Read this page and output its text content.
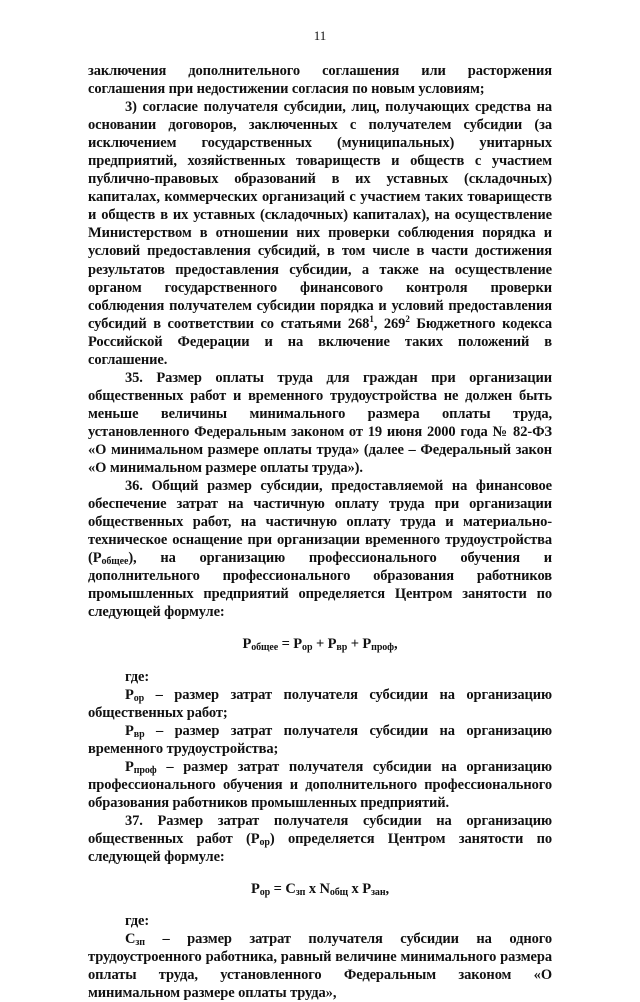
11

заключения дополнительного соглашения или расторжения соглашения при недостижении согласия по новым условиям;

3) согласие получателя субсидии, лиц, получающих средства на основании договоров, заключенных с получателем субсидии (за исключением государственных (муниципальных) унитарных предприятий, хозяйственных товариществ и обществ с участием публично-правовых образований в их уставных (складочных) капиталах, коммерческих организаций с участием таких товариществ и обществ в их уставных (складочных) капиталах), на осуществление Министерством в отношении них проверки соблюдения порядка и условий предоставления субсидий, в том числе в части достижения результатов предоставления субсидии, а также на осуществление органом государственного финансового контроля проверки соблюдения получателем субсидии порядка и условий предоставления субсидий в соответствии со статьями $268^1$, $269^2$ Бюджетного кодекса Российской Федерации и на включение таких положений в соглашение.

35. Размер оплаты труда для граждан при организации общественных работ и временного трудоустройства не должен быть меньше величины минимального размера оплаты труда, установленного Федеральным законом от 19 июня 2000 года № 82-ФЗ «О минимальном размере оплаты труда» (далее – Федеральный закон «О минимальном размере оплаты труда»).

36. Общий размер субсидии, предоставляемой на финансовое обеспечение затрат на частичную оплату труда при организации общественных работ, на частичную оплату труда и материально-техническое оснащение при организации временного трудоустройства $(Р_{общее})$, на организацию профессионального обучения и дополнительного профессионального образования работников промышленных предприятий определяется Центром занятости по следующей формуле:

$Р_{общее} = Р_{ор} + Р_{вр} + Р_{проф}$,

где:

$Р_{ор}$ – размер затрат получателя субсидии на организацию общественных работ;

$Р_{вр}$ – размер затрат получателя субсидии на организацию временного трудоустройства;

$Р_{проф}$ – размер затрат получателя субсидии на организацию профессионального обучения и дополнительного профессионального образования работников промышленных предприятий.

37. Размер затрат получателя субсидии на организацию общественных работ $(Р_{ор})$ определяется Центром занятости по следующей формуле:

$Р_{ор} = С_{зп}$ х $N_{общ}$ х $Р_{зан}$,

где:

$С_{зп}$ – размер затрат получателя субсидии на одного трудоустроенного работника, равный величине минимального размера оплаты труда, установленного Федеральным законом «О минимальном размере оплаты труда»,
